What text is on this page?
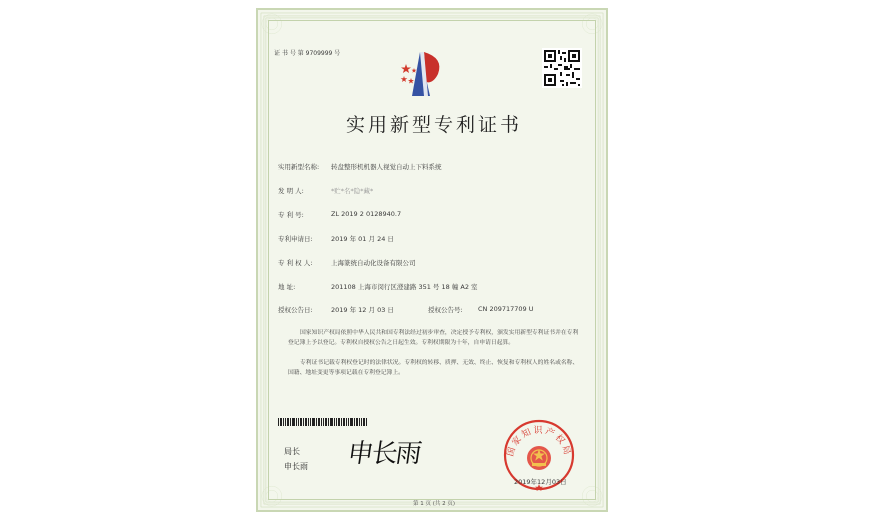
证 书 号 第 9709999 号
实用新型专利证书
实用新型名称: 转盘整形机机器人视觉自动上下料系统
发 明 人:	*贮*名*隐*藏*
专 利 号:	ZL 2019 2 0128940.7
专利申请日:	2019 年 01 月 24 日
专 利 权 人:	上海篆统自动化设备有限公司
地 址:	201108 上海市闵行区澄建路 351 号 18 幢 A2 室
授权公告日:	2019 年 12 月 03 日	授权公告号: CN 209717709 U
国家知识产权局依照中华人民共和国专利法经过初步审查，决定授予专利权，颁发实用新型专利证书并在专利登记簿上予以登记。专利权自授权公告之日起生效。专利权期限为十年，自申请日起算。
专利证书记载专利权登记时的法律状况。专利权的转移、质押、无效、终止、恢复和专利权人的姓名或名称、国籍、地址变更等事项记载在专利登记簿上。
局长
申长雨 申长雨	国家知识产权局
2019年12月03日
第 1 页 (共 2 页)
